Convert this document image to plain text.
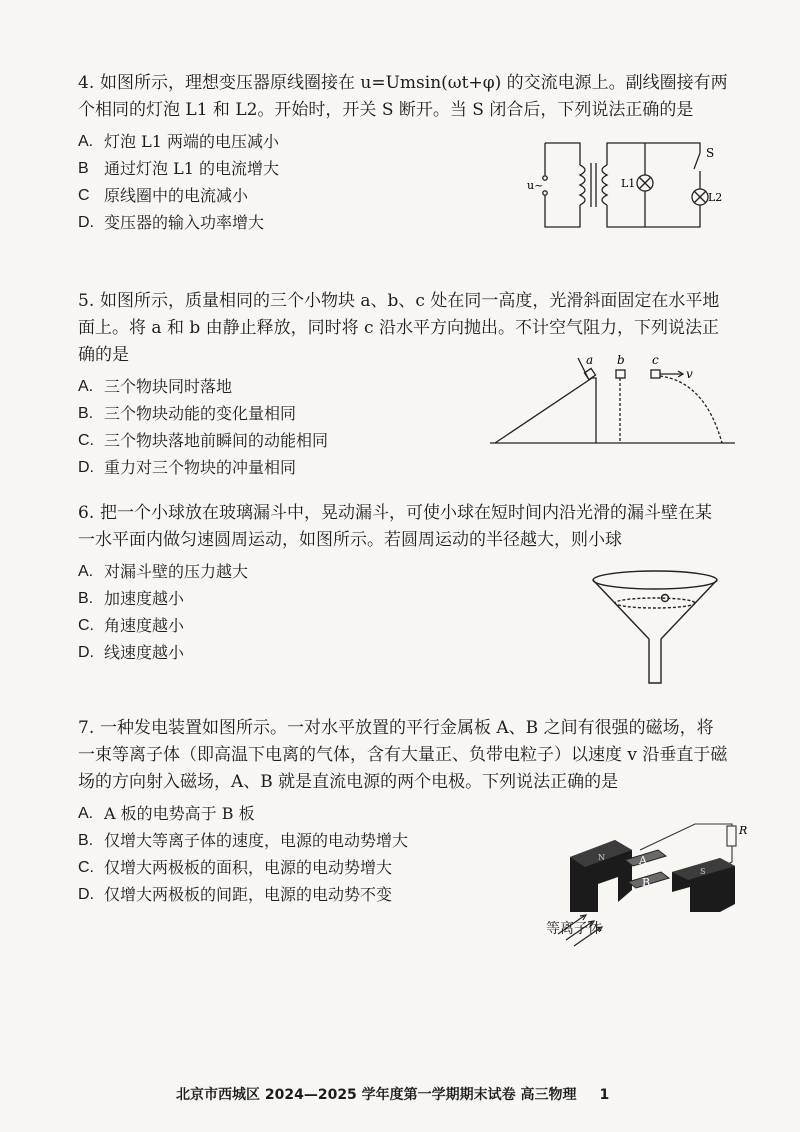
4. 如图所示，理想变压器原线圈接在 u=Umsin(ωt+φ) 的交流电源上。副线圈接有两个相同的灯泡 L1 和 L2。开始时，开关 S 断开。当 S 闭合后，下列说法正确的是

A. 灯泡 L1 两端的电压减小
B 通过灯泡 L1 的电流增大
C 原线圈中的电流减小
D. 变压器的输入功率增大
u~	L1
L2
S

5. 如图所示，质量相同的三个小物块 a、b、c 处在同一高度，光滑斜面固定在水平地面上。将 a 和 b 由静止释放，同时将 c 沿水平方向抛出。不计空气阻力，下列说法正确的是

A. 三个物块同时落地
B. 三个物块动能的变化量相同
C. 三个物块落地前瞬间的动能相同
D. 重力对三个物块的冲量相同
a b c
v

6. 把一个小球放在玻璃漏斗中，晃动漏斗，可使小球在短时间内沿光滑的漏斗壁在某一水平面内做匀速圆周运动，如图所示。若圆周运动的半径越大，则小球

A. 对漏斗壁的压力越大
B. 加速度越小
C. 角速度越小
D. 线速度越小

7. 一种发电装置如图所示。一对水平放置的平行金属板 A、B 之间有很强的磁场，将一束等离子体（即高温下电离的气体，含有大量正、负带电粒子）以速度 v 沿垂直于磁场的方向射入磁场，A、B 就是直流电源的两个电极。下列说法正确的是

A. A 板的电势高于 B 板
B. 仅增大等离子体的速度，电源的电动势增大
C. 仅增大两极板的面积，电源的电动势增大
D. 仅增大两极板的间距，电源的电动势不变
A
B
N
S
R
等离子体
北京市西城区 2024—2025 学年度第一学期期末试卷 高三物理 1
